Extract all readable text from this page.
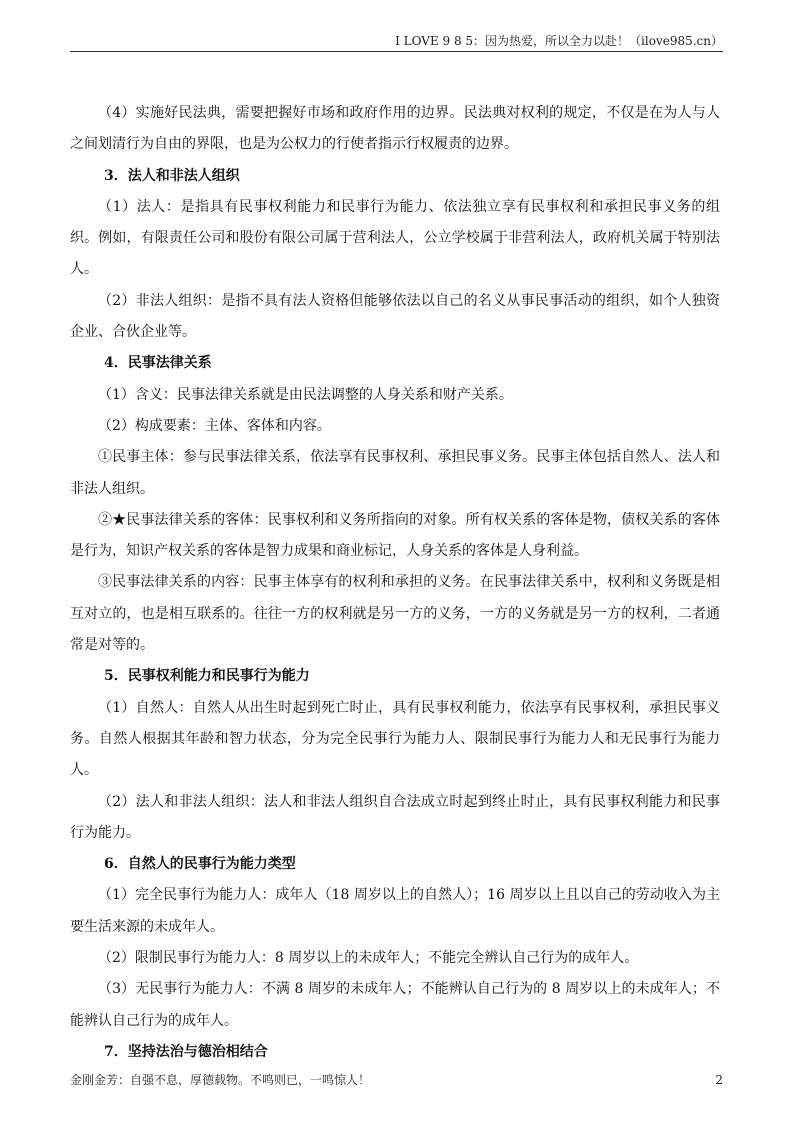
I LOVE 9 8 5：因为热爱，所以全力以赴！（ilove985.cn）

（4）实施好民法典，需要把握好市场和政府作用的边界。民法典对权利的规定，不仅是在为人与人之间划清行为自由的界限，也是为公权力的行使者指示行权履责的边界。

3．法人和非法人组织

（1）法人：是指具有民事权利能力和民事行为能力、依法独立享有民事权利和承担民事义务的组织。例如，有限责任公司和股份有限公司属于营利法人，公立学校属于非营利法人，政府机关属于特别法人。

（2）非法人组织：是指不具有法人资格但能够依法以自己的名义从事民事活动的组织，如个人独资企业、合伙企业等。

4．民事法律关系

（1）含义：民事法律关系就是由民法调整的人身关系和财产关系。

（2）构成要素：主体、客体和内容。

①民事主体：参与民事法律关系，依法享有民事权利、承担民事义务。民事主体包括自然人、法人和非法人组织。

②★民事法律关系的客体：民事权利和义务所指向的对象。所有权关系的客体是物，债权关系的客体是行为，知识产权关系的客体是智力成果和商业标记，人身关系的客体是人身利益。

③民事法律关系的内容：民事主体享有的权利和承担的义务。在民事法律关系中，权利和义务既是相互对立的，也是相互联系的。往往一方的权利就是另一方的义务，一方的义务就是另一方的权利，二者通常是对等的。

5．民事权利能力和民事行为能力

（1）自然人：自然人从出生时起到死亡时止，具有民事权利能力，依法享有民事权利，承担民事义务。自然人根据其年龄和智力状态，分为完全民事行为能力人、限制民事行为能力人和无民事行为能力人。

（2）法人和非法人组织：法人和非法人组织自合法成立时起到终止时止，具有民事权利能力和民事行为能力。

6．自然人的民事行为能力类型

（1）完全民事行为能力人：成年人（18 周岁以上的自然人）；16 周岁以上且以自己的劳动收入为主要生活来源的未成年人。

（2）限制民事行为能力人：8 周岁以上的未成年人；不能完全辨认自己行为的成年人。

（3）无民事行为能力人：不满 8 周岁的未成年人；不能辨认自己行为的 8 周岁以上的未成年人；不能辨认自己行为的成年人。

7．坚持法治与德治相结合

金刚金芳：自强不息，厚德载物。不鸣则已，一鸣惊人！	2
